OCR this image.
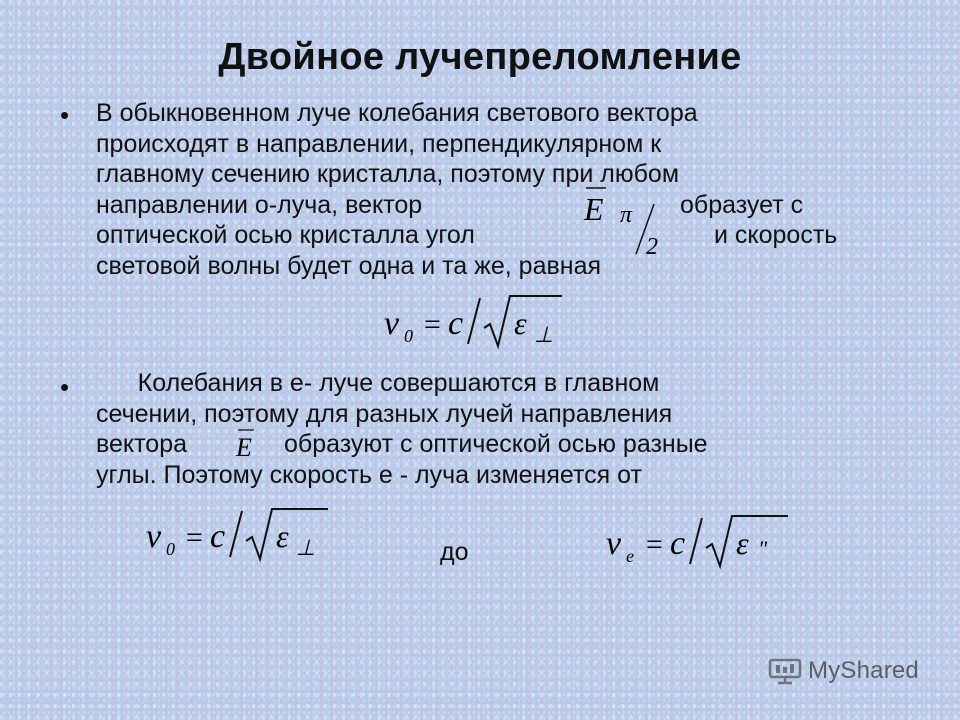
Двойное лучепреломление
• В обыкновенном луче колебания светового вектора
происходят в направлении, перпендикулярном к
главному сечению кристалла, поэтому при любом
направлении о-луча, вектор
оптической осью кристалла угол
световой волны будет одна и та же, равная
образует с
и скорость
E π
2
v 0 = c ε ⊥
• Колебания в е- луче совершаются в главном
сечении, поэтому для разных лучей направления
вектора
углы. Поэтому скорость е - луча изменяется от
образуют с оптической осью разные
E
v 0 = c ε ⊥	до	v e = c ε "
MyShared
